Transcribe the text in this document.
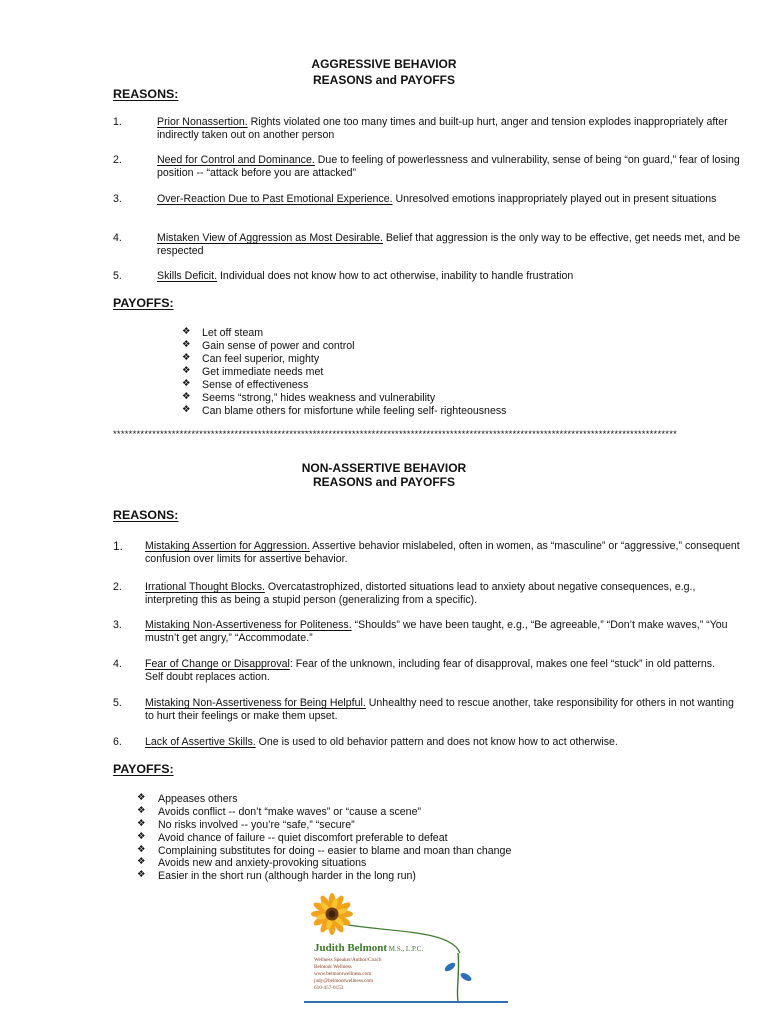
AGGRESSIVE BEHAVIOR
REASONS and PAYOFFS
REASONS:
1.	Prior Nonassertion. Rights violated one too many times and built-up hurt, anger and tension explodes inappropriately after indirectly taken out on another person
2.	Need for Control and Dominance. Due to feeling of powerlessness and vulnerability, sense of being “on guard,” fear of losing position -- “attack before you are attacked”
3.	Over-Reaction Due to Past Emotional Experience. Unresolved emotions inappropriately played out in present situations
4.	Mistaken View of Aggression as Most Desirable. Belief that aggression is the only way to be effective, get needs met, and be respected
5.	Skills Deficit. Individual does not know how to act otherwise, inability to handle frustration
PAYOFFS:
❖ Let off steam
❖ Gain sense of power and control
❖ Can feel superior, mighty
❖ Get immediate needs met
❖ Sense of effectiveness
❖ Seems “strong,” hides weakness and vulnerability
❖ Can blame others for misfortune while feeling self- righteousness
************************************************************************************************************************************************
NON-ASSERTIVE BEHAVIOR
REASONS and PAYOFFS
REASONS:
1. Mistaking Assertion for Aggression. Assertive behavior mislabeled, often in women, as “masculine” or “aggressive,” consequent confusion over limits for assertive behavior.
2. Irrational Thought Blocks. Overcatastrophized, distorted situations lead to anxiety about negative consequences, e.g., interpreting this as being a stupid person (generalizing from a specific).
3. Mistaking Non-Assertiveness for Politeness. “Shoulds” we have been taught, e.g., “Be agreeable,” “Don’t make waves,” “You mustn’t get angry,” “Accommodate.”
4. Fear of Change or Disapproval: Fear of the unknown, including fear of disapproval, makes one feel “stuck” in old patterns. Self doubt replaces action.
5. Mistaking Non-Assertiveness for Being Helpful. Unhealthy need to rescue another, take responsibility for others in not wanting to hurt their feelings or make them upset.
6. Lack of Assertive Skills. One is used to old behavior pattern and does not know how to act otherwise.
PAYOFFS:
❖ Appeases others
❖ Avoids conflict -- don’t “make waves” or “cause a scene”
❖ No risks involved -- you’re “safe,” “secure”
❖ Avoid chance of failure -- quiet discomfort preferable to defeat
❖ Complaining substitutes for doing -- easier to blame and moan than change
❖ Avoids new and anxiety-provoking situations
❖ Easier in the short run (although harder in the long run)
Judith Belmont M.S., L.P.C.
Wellness Speaker/Author/Coach
Belmont Wellness
www.belmontwellness.com
judy@belmontwellness.com
610-457-0153
